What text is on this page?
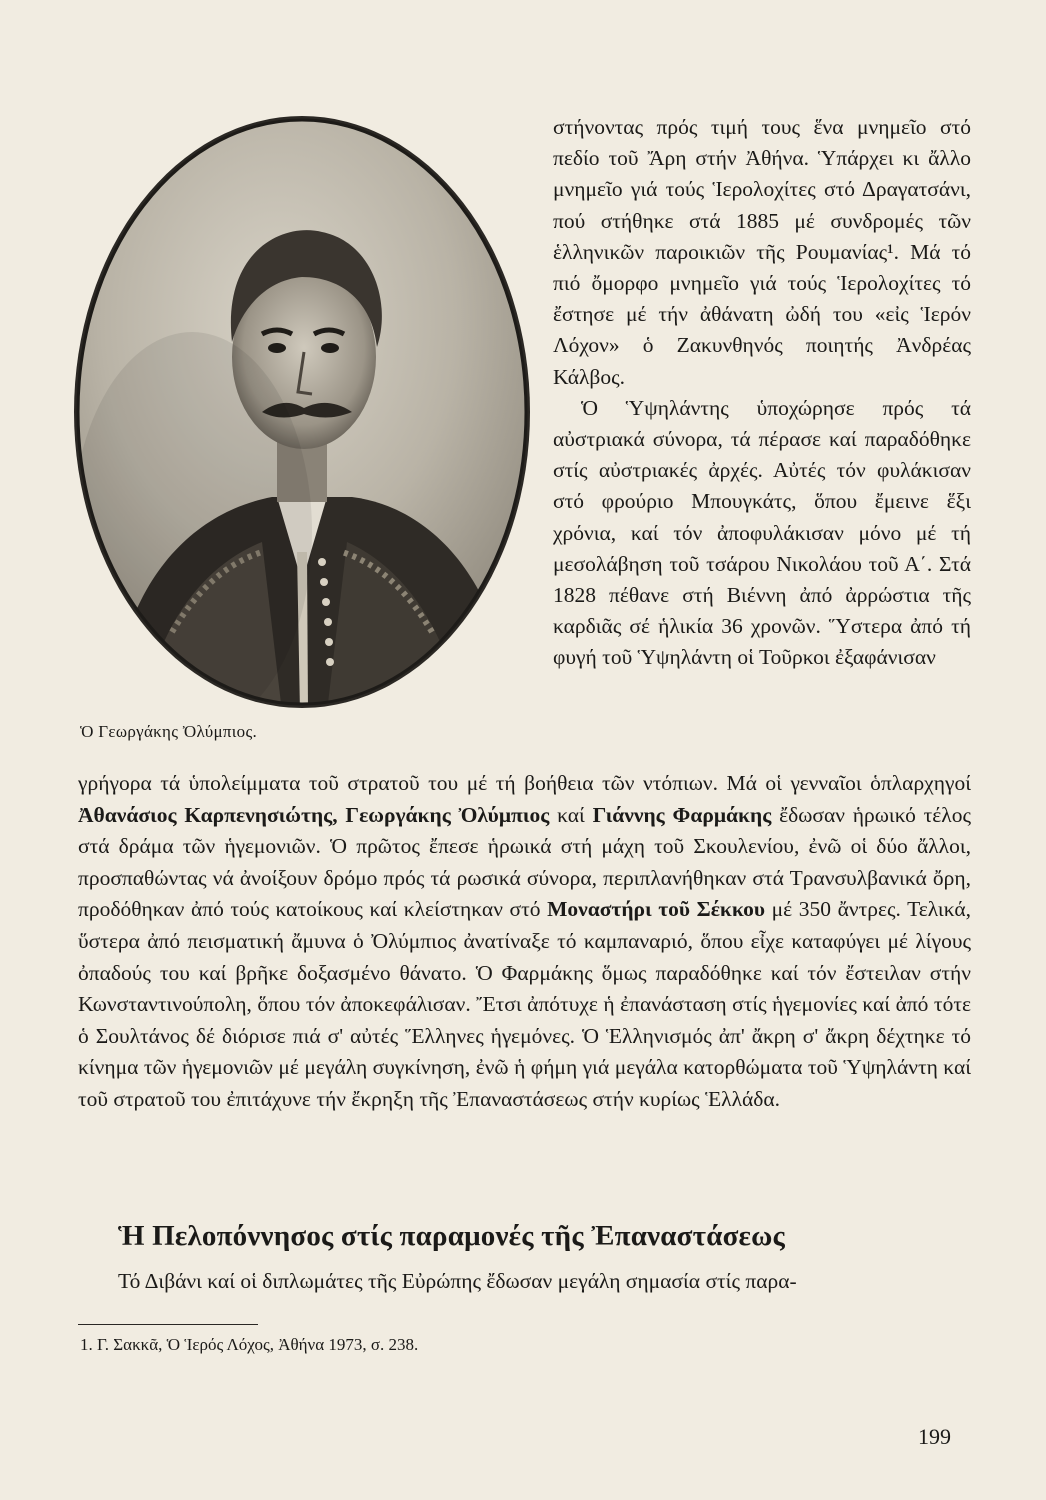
Ὁ Γεωργάκης Ὀλύμπιος.

στήνοντας πρός τιμή τους ἕνα μνημεῖο στό πεδίο τοῦ Ἄρη στήν Ἀθήνα. Ὑπάρχει κι ἄλλο μνημεῖο γιά τούς Ἱερολοχίτες στό Δραγατσάνι, πού στήθηκε στά 1885 μέ συνδρομές τῶν ἑλληνικῶν παροικιῶν τῆς Ρουμανίας¹. Μά τό πιό ὄμορφο μνημεῖο γιά τούς Ἱερολοχίτες τό ἔστησε μέ τήν ἀθάνατη ὠδή του «εἰς Ἱερόν Λόχον» ὁ Ζακυνθηνός ποιητής Ἀνδρέας Κάλβος.

Ὁ Ὑψηλάντης ὑποχώρησε πρός τά αὐστριακά σύνορα, τά πέρασε καί παραδόθηκε στίς αὐστριακές ἀρχές. Αὐτές τόν φυλάκισαν στό φρούριο Μπουγκάτς, ὅπου ἔμεινε ἕξι χρόνια, καί τόν ἀποφυλάκισαν μόνο μέ τή μεσολάβηση τοῦ τσάρου Νικολάου τοῦ Α΄. Στά 1828 πέθανε στή Βιέννη ἀπό ἀρρώστια τῆς καρδιᾶς σέ ἡλικία 36 χρονῶν. Ὕστερα ἀπό τή φυγή τοῦ Ὑψηλάντη οἱ Τοῦρκοι ἐξαφάνισαν

γρήγορα τά ὑπολείμματα τοῦ στρατοῦ του μέ τή βοήθεια τῶν ντόπιων. Μά οἱ γενναῖοι ὁπλαρχηγοί Ἀθανάσιος Καρπενησιώτης, Γεωργάκης Ὀλύμπιος καί Γιάννης Φαρμάκης ἔδωσαν ἡρωικό τέλος στά δράμα τῶν ἡγεμονιῶν. Ὁ πρῶτος ἔπεσε ἡρωικά στή μάχη τοῦ Σκουλενίου, ἐνῶ οἱ δύο ἄλλοι, προσπαθώντας νά ἀνοίξουν δρόμο πρός τά ρωσικά σύνορα, περιπλανήθηκαν στά Τρανσυλβανικά ὄρη, προδόθηκαν ἀπό τούς κατοίκους καί κλείστηκαν στό Μοναστήρι τοῦ Σέκκου μέ 350 ἄντρες. Τελικά, ὕστερα ἀπό πεισματική ἄμυνα ὁ Ὀλύμπιος ἀνατίναξε τό καμπαναριό, ὅπου εἶχε καταφύγει μέ λίγους ὀπαδούς του καί βρῆκε δοξασμένο θάνατο. Ὁ Φαρμάκης ὅμως παραδόθηκε καί τόν ἔστειλαν στήν Κωνσταντινούπολη, ὅπου τόν ἀποκεφάλισαν. Ἔτσι ἀπότυχε ἡ ἐπανάσταση στίς ἡγεμονίες καί ἀπό τότε ὁ Σουλτάνος δέ διόρισε πιά σ' αὐτές Ἕλληνες ἡγεμόνες. Ὁ Ἑλληνισμός ἀπ' ἄκρη σ' ἄκρη δέχτηκε τό κίνημα τῶν ἡγεμονιῶν μέ μεγάλη συγκίνηση, ἐνῶ ἡ φήμη γιά μεγάλα κατορθώματα τοῦ Ὑψηλάντη καί τοῦ στρατοῦ του ἐπιτάχυνε τήν ἔκρηξη τῆς Ἐπαναστάσεως στήν κυρίως Ἑλλάδα.

Ἡ Πελοπόννησος στίς παραμονές τῆς Ἐπαναστάσεως
Τό Διβάνι καί οἱ διπλωμάτες τῆς Εὐρώπης ἔδωσαν μεγάλη σημασία στίς παρα-
1. Γ. Σακκᾶ, Ὁ Ἱερός Λόχος, Ἀθήνα 1973, σ. 238.
199
